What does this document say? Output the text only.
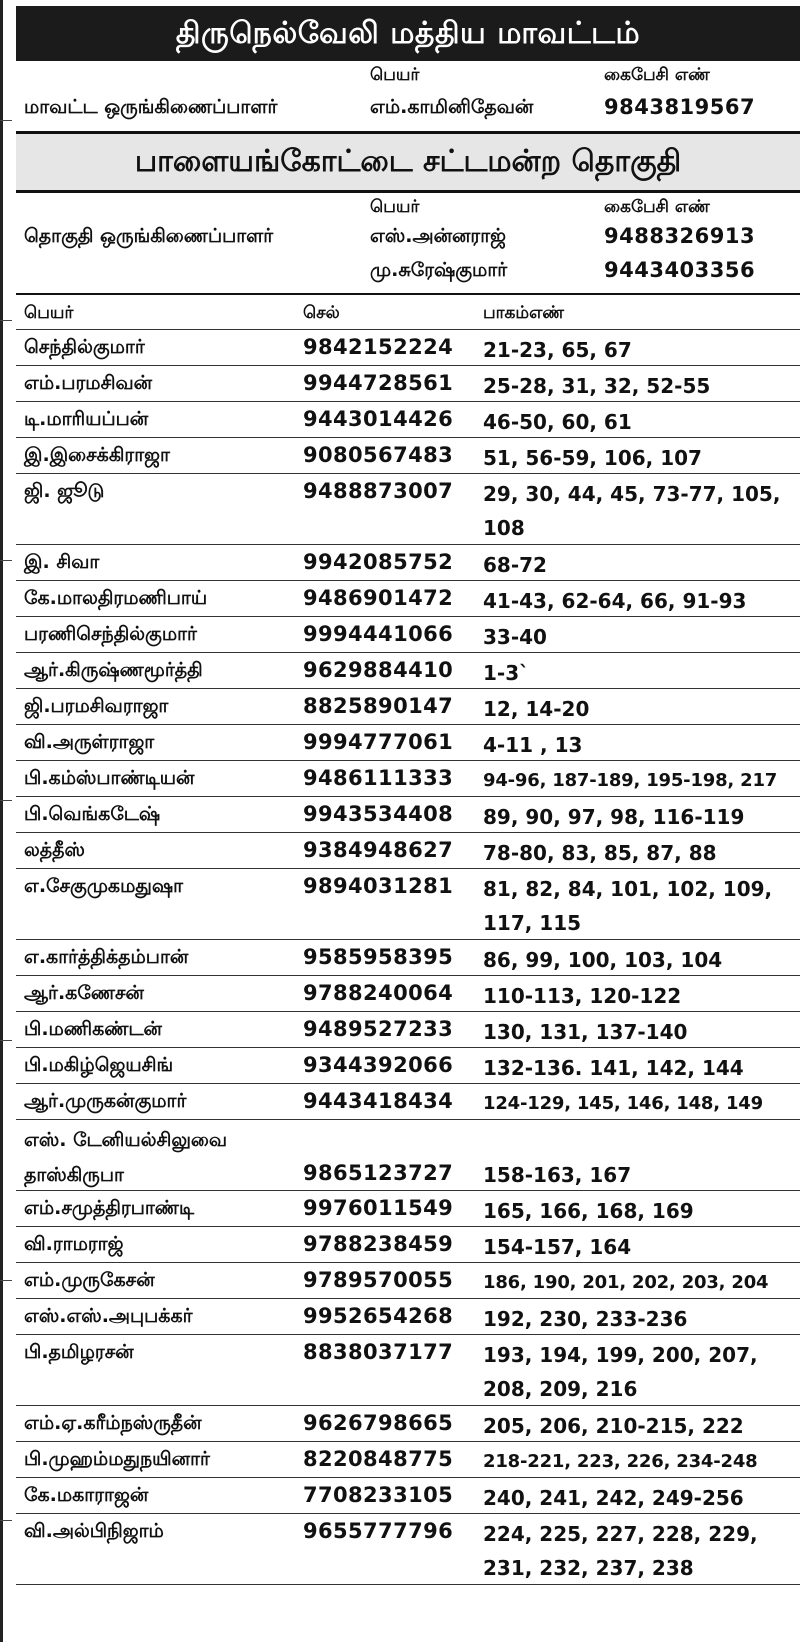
திருநெல்வேலி மத்திய மாவட்டம்
பெயர்	கைபேசி எண்
மாவட்ட ஒருங்கிணைப்பாளர்	எம்.காமினிதேவன்	9843819567
பாளையங்கோட்டை சட்டமன்ற தொகுதி
பெயர்	கைபேசி எண்
தொகுதி ஒருங்கிணைப்பாளர்	எஸ்.அன்னராஜ்	9488326913
மு.சுரேஷ்குமார்	9443403356
பெயர்	செல்	பாகம்எண்
செந்தில்குமார்	9842152224 21-23, 65, 67
எம்.பரமசிவன்	9944728561 25-28, 31, 32, 52-55
டி.மாரியப்பன்	9443014426 46-50, 60, 61
இ.இசைக்கிராஜா	9080567483 51, 56-59, 106, 107
ஜி. ஜூடு	9488873007 29, 30, 44, 45, 73-77, 105, 108
இ. சிவா	9942085752 68-72
கே.மாலதிரமணிபாய்	9486901472 41-43, 62-64, 66, 91-93
பரணிசெந்தில்குமார்	9994441066 33-40
ஆர்.கிருஷ்ணமூர்த்தி	9629884410 1-3`
ஜி.பரமசிவராஜா	8825890147 12, 14-20
வி.அருள்ராஜா	9994777061 4-11 , 13
பி.கம்ஸ்பாண்டியன்	9486111333 94-96, 187-189, 195-198, 217
பி.வெங்கடேஷ்	9943534408 89, 90, 97, 98, 116-119
லத்தீஸ்	9384948627 78-80, 83, 85, 87, 88
எ.சேகுமுகமதுஷா	9894031281 81, 82, 84, 101, 102, 109, 117, 115
எ.கார்த்திக்தம்பான்	9585958395 86, 99, 100, 103, 104
ஆர்.கணேசன்	9788240064 110-113, 120-122
பி.மணிகண்டன்	9489527233 130, 131, 137-140
பி.மகிழ்ஜெயசிங்	9344392066 132-136. 141, 142, 144
ஆர்.முருகன்குமார்	9443418434 124-129, 145, 146, 148, 149
எஸ். டேனியல்சிலுவை தாஸ்கிருபா	9865123727 158-163, 167
எம்.சமுத்திரபாண்டி	9976011549 165, 166, 168, 169
வி.ராமராஜ்	9788238459 154-157, 164
எம்.முருகேசன்	9789570055 186, 190, 201, 202, 203, 204
எஸ்.எஸ்.அபுபக்கர்	9952654268 192, 230, 233-236
பி.தமிழரசன்	8838037177 193, 194, 199, 200, 207, 208, 209, 216
எம்.ஏ.கரீம்நஸ்ருதீன்	9626798665 205, 206, 210-215, 222
பி.முஹம்மதுநயினார்	8220848775 218-221, 223, 226, 234-248
கே.மகாராஜன்	7708233105 240, 241, 242, 249-256
வி.அல்பிநிஜாம்	9655777796 224, 225, 227, 228, 229, 231, 232, 237, 238
